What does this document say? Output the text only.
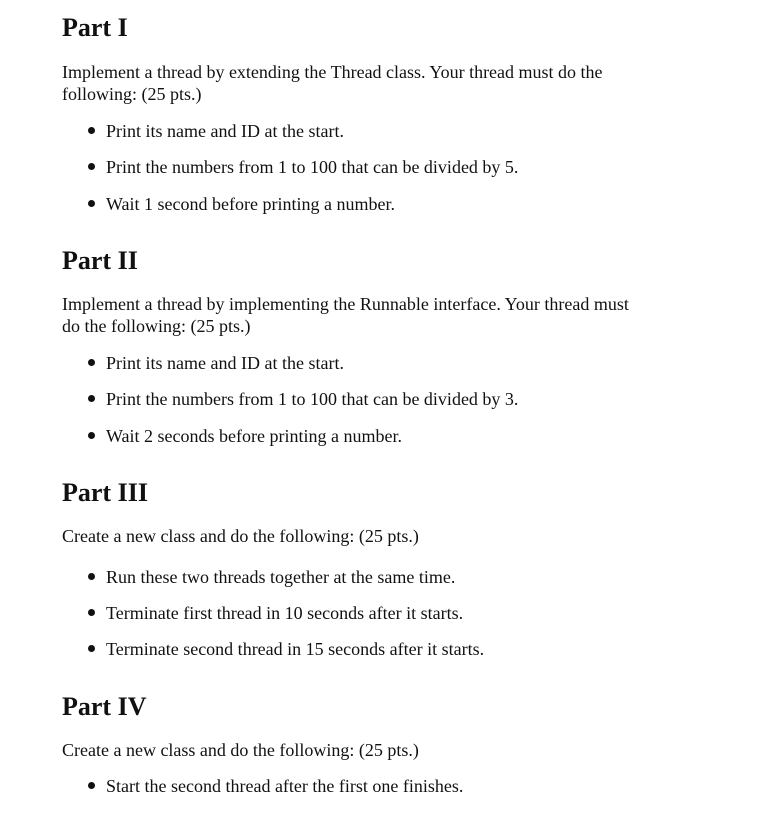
Part I

Implement a thread by extending the Thread class. Your thread must do the
following: (25 pts.)

Print its name and ID at the start.

Print the numbers from 1 to 100 that can be divided by 5.

Wait 1 second before printing a number.

Part II

Implement a thread by implementing the Runnable interface. Your thread must
do the following: (25 pts.)

Print its name and ID at the start.

Print the numbers from 1 to 100 that can be divided by 3.

Wait 2 seconds before printing a number.

Part III

Create a new class and do the following: (25 pts.)

Run these two threads together at the same time.

Terminate first thread in 10 seconds after it starts.

Terminate second thread in 15 seconds after it starts.

Part IV

Create a new class and do the following: (25 pts.)

Start the second thread after the first one finishes.
